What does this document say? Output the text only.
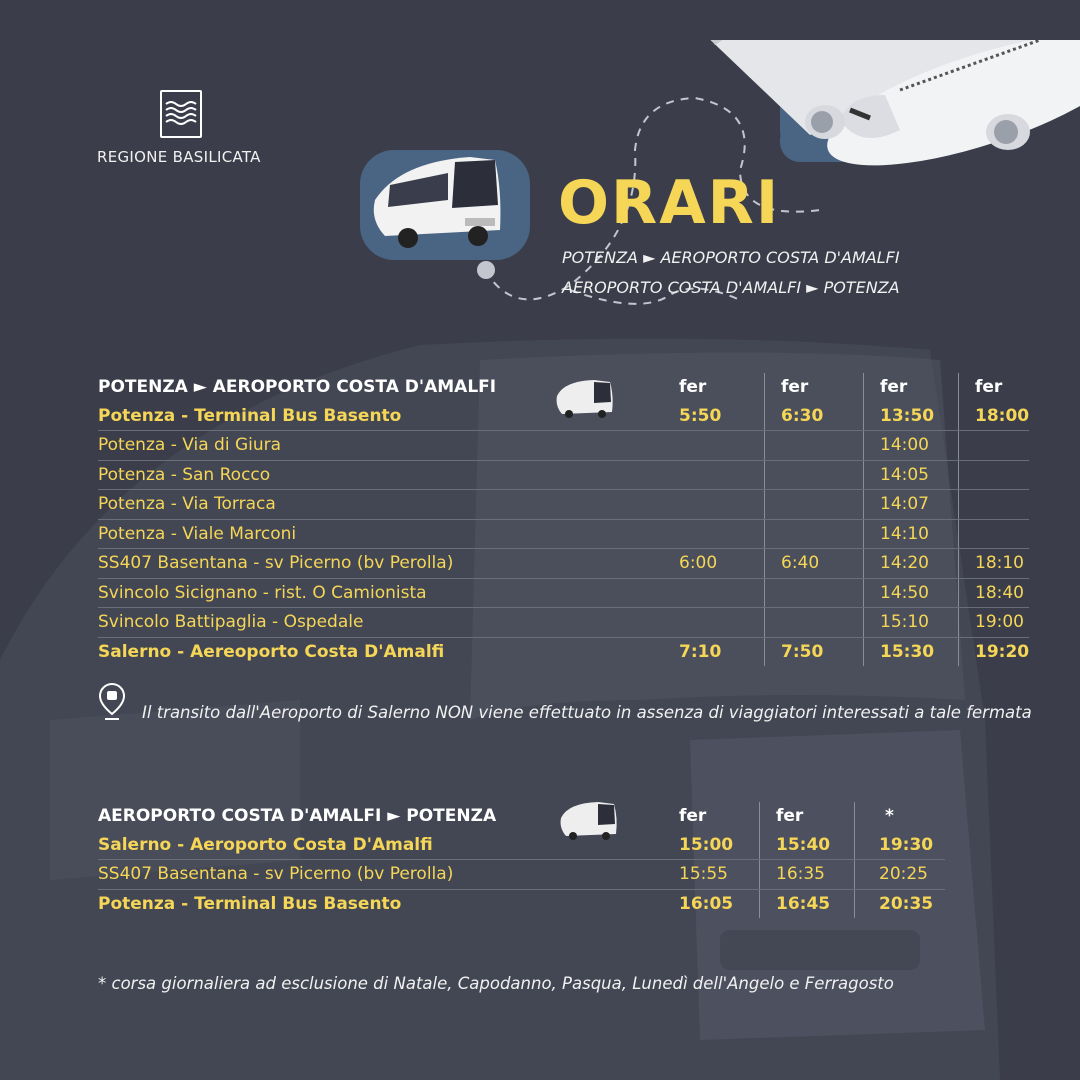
REGIONE BASILICATA
ORARI
POTENZA ► AEROPORTO COSTA D'AMALFI
AEROPORTO COSTA D'AMALFI ► POTENZA
POTENZA ► AEROPORTO COSTA D'AMALFI	fer	fer	fer	fer
Potenza - Terminal Bus Basento	5:50	6:30	13:50	18:00
Potenza - Via di Giura			14:00	
Potenza - San Rocco			14:05	
Potenza - Via Torraca			14:07	
Potenza - Viale Marconi			14:10	
SS407 Basentana - sv Picerno (bv Perolla)	6:00	6:40	14:20	18:10
Svincolo Sicignano - rist. O Camionista			14:50	18:40
Svincolo Battipaglia - Ospedale			15:10	19:00
Salerno - Aereoporto Costa D'Amalfi	7:10	7:50	15:30	19:20
Il transito dall'Aeroporto di Salerno NON viene effettuato in assenza di viaggiatori interessati a tale fermata
AEROPORTO COSTA D'AMALFI ► POTENZA	fer	fer	*
Salerno - Aeroporto Costa D'Amalfi	15:00	15:40	19:30
SS407 Basentana - sv Picerno (bv Perolla)	15:55	16:35	20:25
Potenza - Terminal Bus Basento	16:05	16:45	20:35
* corsa giornaliera ad esclusione di Natale, Capodanno, Pasqua, Lunedì dell'Angelo e Ferragosto
